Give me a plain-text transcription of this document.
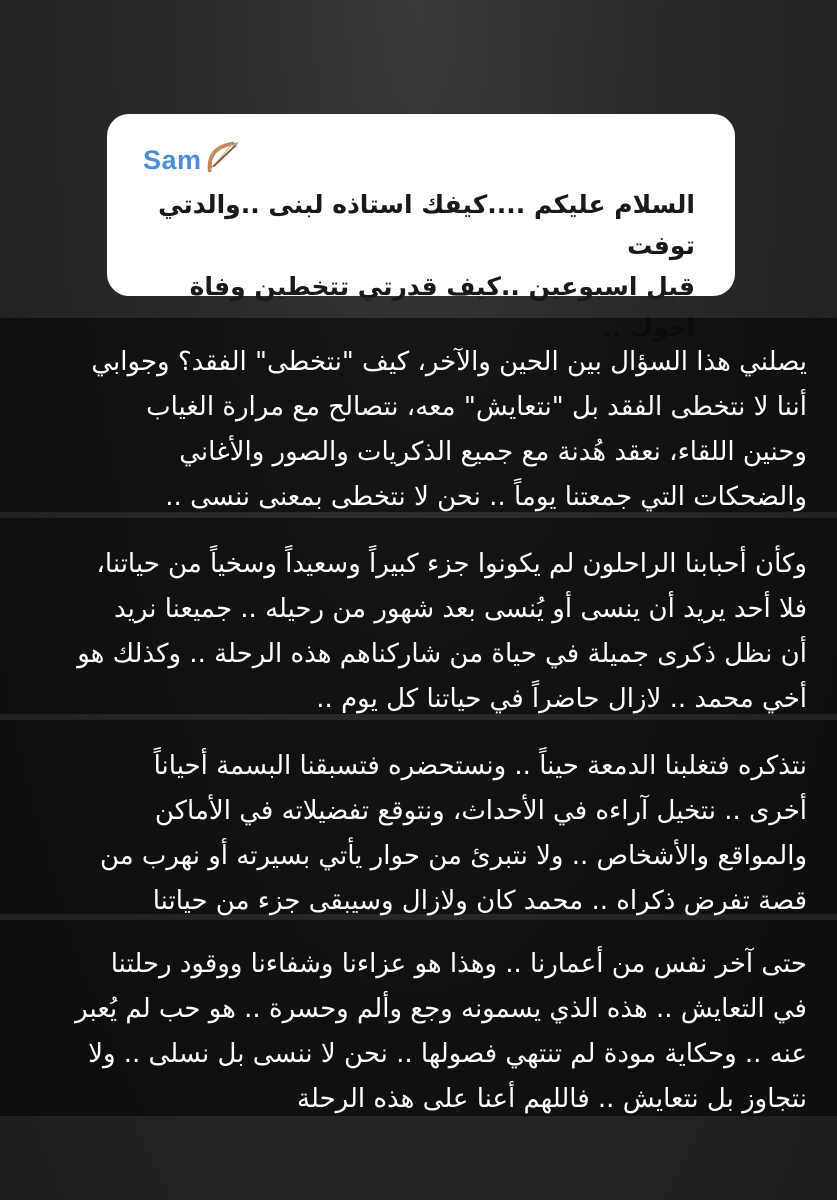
Sam
السلام عليكم ....كيفك استاذه لبنى ..والدتي توفت
قبل اسبوعين ..كيف قدرتي تتخطين وفاة

يصلني هذا السؤال بين الحين والآخر، كيف "نتخطى" الفقد؟ وجوابي
أننا لا نتخطى الفقد بل "نتعايش" معه، نتصالح مع مرارة الغياب
وحنين اللقاء، نعقد هُدنة مع جميع الذكريات والصور والأغاني
والضحكات التي جمعتنا يوماً .. نحن لا نتخطى بمعنى ننسى ..

وكأن أحبابنا الراحلون لم يكونوا جزء كبيراً وسعيداً وسخياً من حياتنا،
فلا أحد يريد أن ينسى أو يُنسى بعد شهور من رحيله .. جميعنا نريد
أن نظل ذكرى جميلة في حياة من شاركناهم هذه الرحلة .. وكذلك هو
أخي محمد .. لازال حاضراً في حياتنا كل يوم ..

نتذكره فتغلبنا الدمعة حيناً .. ونستحضره فتسبقنا البسمة أحياناً
أخرى .. نتخيل آراءه في الأحداث، ونتوقع تفضيلاته في الأماكن
والمواقع والأشخاص .. ولا نتبرئ من حوار يأتي بسيرته أو نهرب من
قصة تفرض ذكراه .. محمد كان ولازال وسيبقى جزء من حياتنا

حتى آخر نفس من أعمارنا .. وهذا هو عزاءنا وشفاءنا ووقود رحلتنا
في التعايش .. هذه الذي يسمونه وجع وألم وحسرة .. هو حب لم يُعبر
عنه .. وحكاية مودة لم تنتهي فصولها .. نحن لا ننسى بل نسلى .. ولا
نتجاوز بل نتعايش .. فاللهم أعنا على هذه الرحلة
